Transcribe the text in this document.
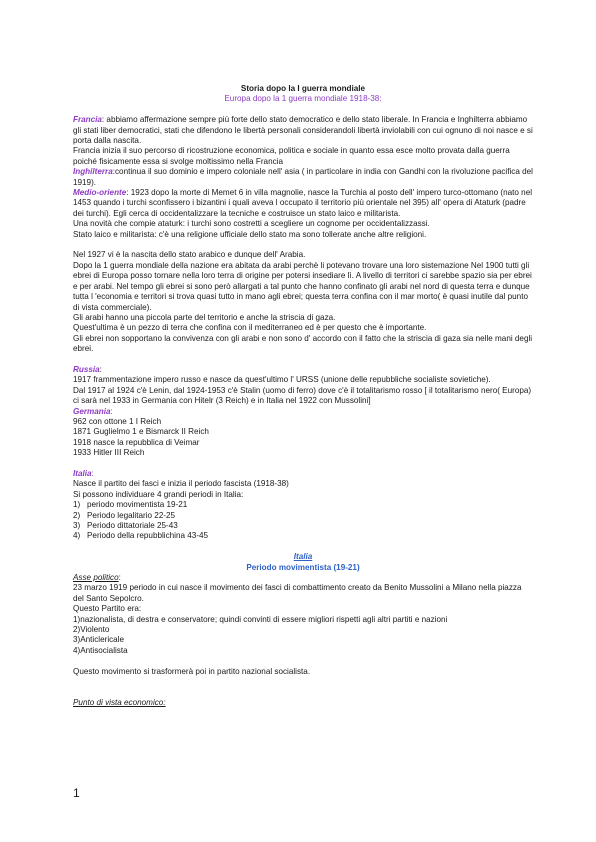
Storia dopo la I guerra mondiale

Europa dopo la 1 guerra mondiale 1918-38:

Francia: abbiamo affermazione sempre più forte dello stato democratico e dello stato liberale. In Francia e Inghilterra abbiamo gli stati liber democratici, stati che difendono le libertà personali considerandoli libertà inviolabili con cui ognuno di noi nasce e si porta dalla nascita.

Francia inizia il suo percorso di ricostruzione economica, politica e sociale in quanto essa esce molto provata dalla guerra poiché fisicamente essa si svolge moltissimo nella Francia

Inghilterra:continua il suo dominio e impero coloniale nell' asia ( in particolare in india con Gandhi con la rivoluzione pacifica del 1919).

Medio-oriente: 1923 dopo la morte di Memet 6 in villa magnolie, nasce la Turchia al posto dell' impero turco-ottomano (nato nel 1453 quando i turchi sconfissero i bizantini i quali aveva l occupato il territorio più orientale nel 395) all' opera di Ataturk (padre dei turchi). Egli cerca di occidentalizzare la tecniche e costruisce un stato laico e militarista.

Una novità che compie ataturk: i turchi sono costretti a scegliere un cognome per occidentalizzassi.

Stato laico e militarista: c'è una religione ufficiale dello stato ma sono tollerate anche altre religioni.

Nel 1927 vi è la nascita dello stato arabico e dunque dell' Arabia.

Dopo la 1 guerra mondiale della nazione era abitata da arabi perchè li potevano trovare una loro sistemazione Nel 1900 tutti gli ebrei di Europa posso tornare nella loro terra di origine per potersi insediare lì. A livello di territori ci sarebbe spazio sia per ebrei e per arabi. Nel tempo gli ebrei si sono però allargati a tal punto che hanno confinato gli arabi nel nord di questa terra e dunque tutta l 'economia e territori si trova quasi tutto in mano agli ebrei; questa terra confina con il mar morto( è quasi inutile dal punto di vista commerciale).

Gli arabi hanno una piccola parte del territorio e anche la striscia di gaza.

Quest'ultima è un pezzo di terra che confina con il mediterraneo ed è per questo che è importante.

Gli ebrei non sopportano la convivenza con gli arabi e non sono d' accordo con il fatto che la striscia di gaza sia nelle mani degli ebrei.

Russia:

1917 frammentazione impero russo e nasce da quest'ultimo l' URSS (unione delle repubbliche socialiste sovietiche).

Dal 1917 al 1924 c'è Lenin, dal 1924-1953 c'è Stalin (uomo di ferro) dove c'è il totalitarismo rosso [ il totalitarismo nero( Europa) ci sarà nel 1933 in Germania con Hitelr (3 Reich) e in Italia nel 1922 con Mussolini]

Germania:

962 con ottone 1 I Reich

1871 Guglielmo 1 e Bismarck II Reich

1918 nasce la repubblica di Veimar

1933 Hitler III Reich

Italia:

Nasce il partito dei fasci e inizia il periodo fascista (1918-38)

Si possono individuare 4 grandi periodi in Italia:

1) periodo movimentista 19-21
2) Periodo legalitario 22-25
3) Periodo dittatoriale 25-43
4) Periodo della repubblichina 43-45

Italia

Periodo movimentista (19-21)

Asse politico:

23 marzo 1919 periodo in cui nasce il movimento dei fasci di combattimento creato da Benito Mussolini a Milano nella piazza del Santo Sepolcro.

Questo Partito era:

1)nazionalista, di destra e conservatore; quindi convinti di essere migliori rispetti agli altri partiti e nazioni

2)Violento

3)Anticlericale

4)Antisocialista

Questo movimento si trasformerà poi in partito nazional socialista.

Punto di vista economico:

1
